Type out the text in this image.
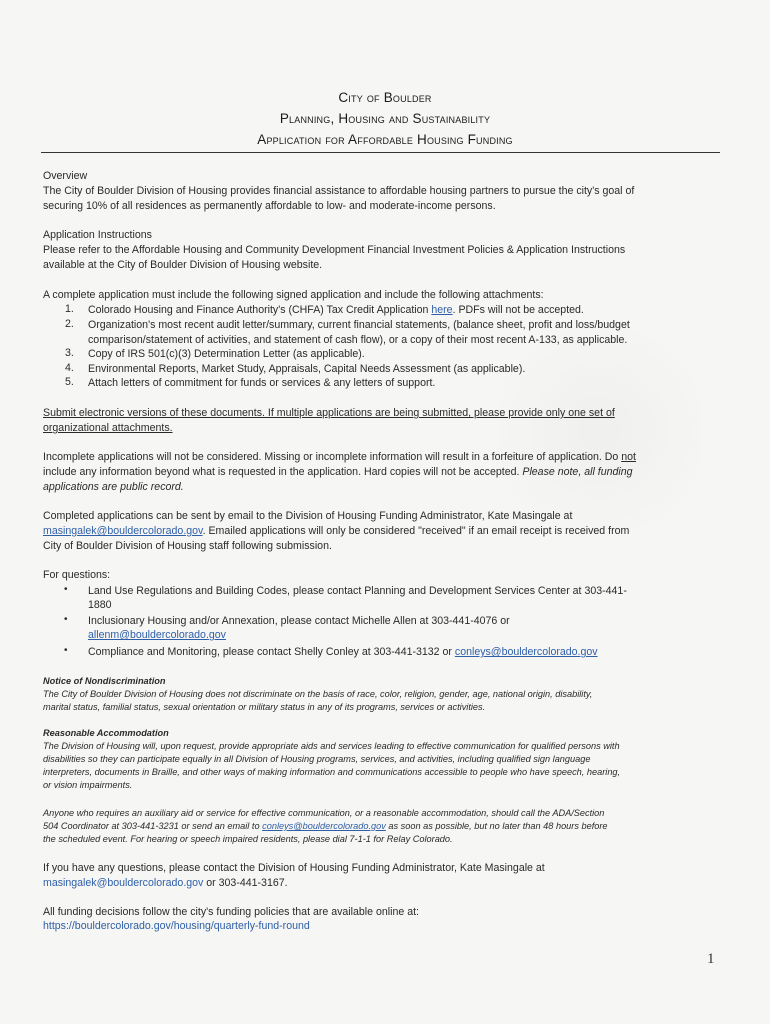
City of Boulder
Planning, Housing and Sustainability
Application for Affordable Housing Funding
Overview
The City of Boulder Division of Housing provides financial assistance to affordable housing partners to pursue the city's goal of
securing 10% of all residences as permanently affordable to low- and moderate-income persons.
Application Instructions
Please refer to the Affordable Housing and Community Development Financial Investment Policies & Application Instructions
available at the City of Boulder Division of Housing website.
A complete application must include the following signed application and include the following attachments:
1. Colorado Housing and Finance Authority's (CHFA) Tax Credit Application here. PDFs will not be accepted.
2. Organization's most recent audit letter/summary, current financial statements, (balance sheet, profit and loss/budget
comparison/statement of activities, and statement of cash flow), or a copy of their most recent A-133, as applicable.
3. Copy of IRS 501(c)(3) Determination Letter (as applicable).
4. Environmental Reports, Market Study, Appraisals, Capital Needs Assessment (as applicable).
5. Attach letters of commitment for funds or services & any letters of support.
Submit electronic versions of these documents. If multiple applications are being submitted, please provide only one set of
organizational attachments.
Incomplete applications will not be considered. Missing or incomplete information will result in a forfeiture of application. Do not
include any information beyond what is requested in the application. Hard copies will not be accepted. Please note, all funding
applications are public record.
Completed applications can be sent by email to the Division of Housing Funding Administrator, Kate Masingale at
masingalek@bouldercolorado.gov. Emailed applications will only be considered "received" if an email receipt is received from
City of Boulder Division of Housing staff following submission.
For questions:
• Land Use Regulations and Building Codes, please contact Planning and Development Services Center at 303-441-
1880
• Inclusionary Housing and/or Annexation, please contact Michelle Allen at 303-441-4076 or
allenm@bouldercolorado.gov
• Compliance and Monitoring, please contact Shelly Conley at 303-441-3132 or conleys@bouldercolorado.gov
Notice of Nondiscrimination
The City of Boulder Division of Housing does not discriminate on the basis of race, color, religion, gender, age, national origin, disability,
marital status, familial status, sexual orientation or military status in any of its programs, services or activities.
Reasonable Accommodation
The Division of Housing will, upon request, provide appropriate aids and services leading to effective communication for qualified persons with
disabilities so they can participate equally in all Division of Housing programs, services, and activities, including qualified sign language
interpreters, documents in Braille, and other ways of making information and communications accessible to people who have speech, hearing,
or vision impairments.
Anyone who requires an auxiliary aid or service for effective communication, or a reasonable accommodation, should call the ADA/Section
504 Coordinator at 303-441-3231 or send an email to conleys@bouldercolorado.gov as soon as possible, but no later than 48 hours before
the scheduled event. For hearing or speech impaired residents, please dial 7-1-1 for Relay Colorado.
If you have any questions, please contact the Division of Housing Funding Administrator, Kate Masingale at
masingalek@bouldercolorado.gov or 303-441-3167.
All funding decisions follow the city's funding policies that are available online at:
https://bouldercolorado.gov/housing/quarterly-fund-round
1
